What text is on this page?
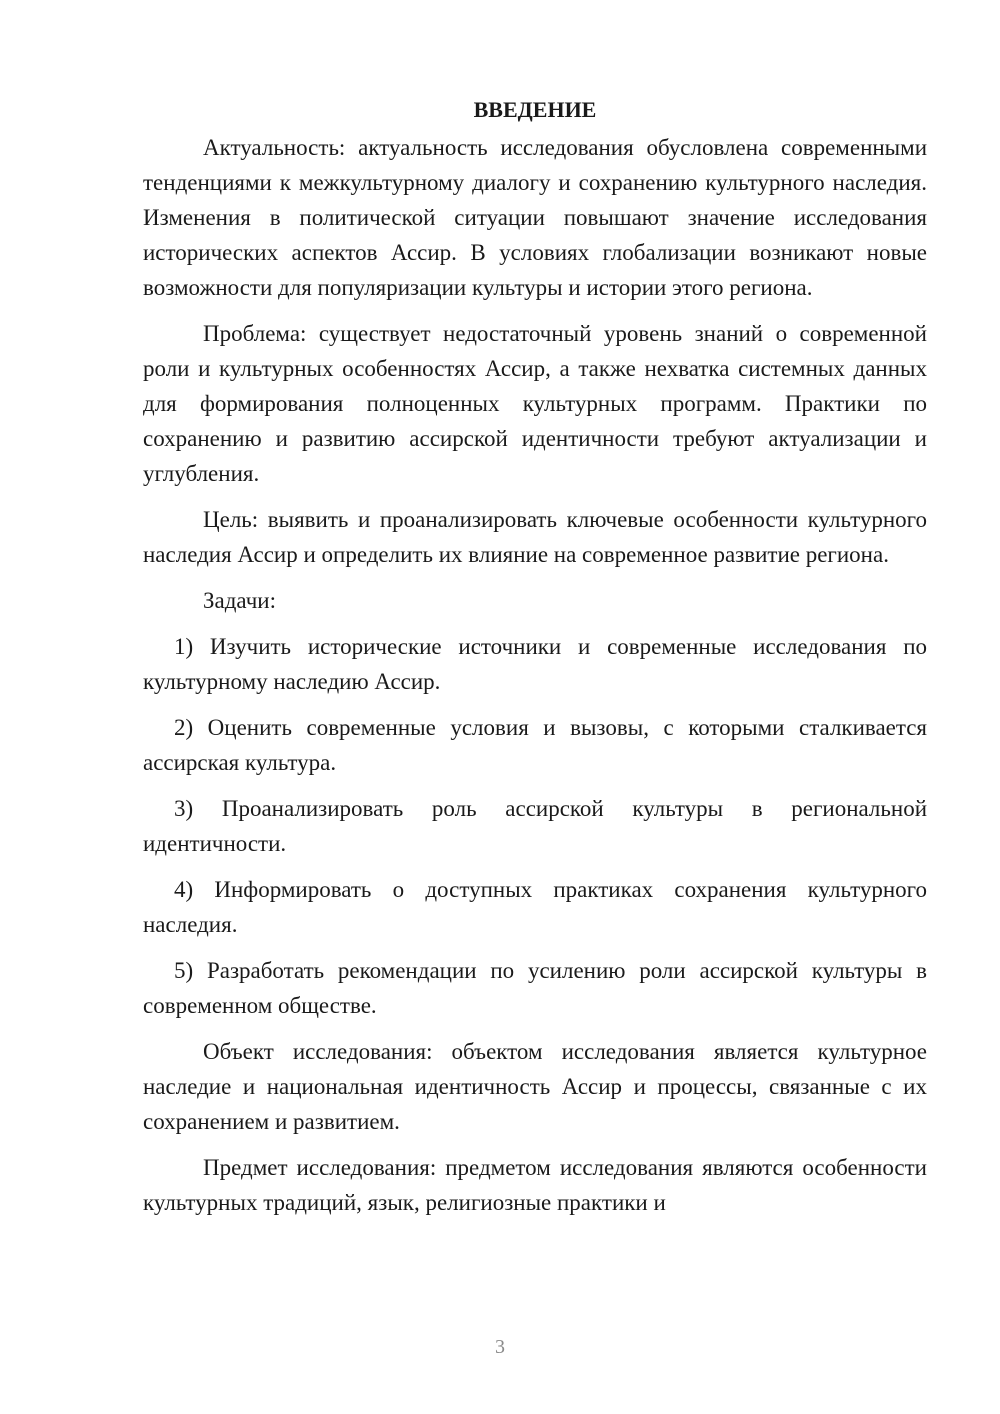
ВВЕДЕНИЕ

Актуальность: актуальность исследования обусловлена современными тенденциями к межкультурному диалогу и сохранению культурного наследия. Изменения в политической ситуации повышают значение исследования исторических аспектов Ассир. В условиях глобализации возникают новые возможности для популяризации культуры и истории этого региона.

Проблема: существует недостаточный уровень знаний о современной роли и культурных особенностях Ассир, а также нехватка системных данных для формирования полноценных культурных программ. Практики по сохранению и развитию ассирской идентичности требуют актуализации и углубления.

Цель: выявить и проанализировать ключевые особенности культурного наследия Ассир и определить их влияние на современное развитие региона.

Задачи:

1) Изучить исторические источники и современные исследования по культурному наследию Ассир.

2) Оценить современные условия и вызовы, с которыми сталкивается ассирская культура.

3) Проанализировать роль ассирской культуры в региональной идентичности.

4) Информировать о доступных практиках сохранения культурного наследия.

5) Разработать рекомендации по усилению роли ассирской культуры в современном обществе.

Объект исследования: объектом исследования является культурное наследие и национальная идентичность Ассир и процессы, связанные с их сохранением и развитием.

Предмет исследования: предметом исследования являются особенности культурных традиций, язык, религиозные практики и

3
